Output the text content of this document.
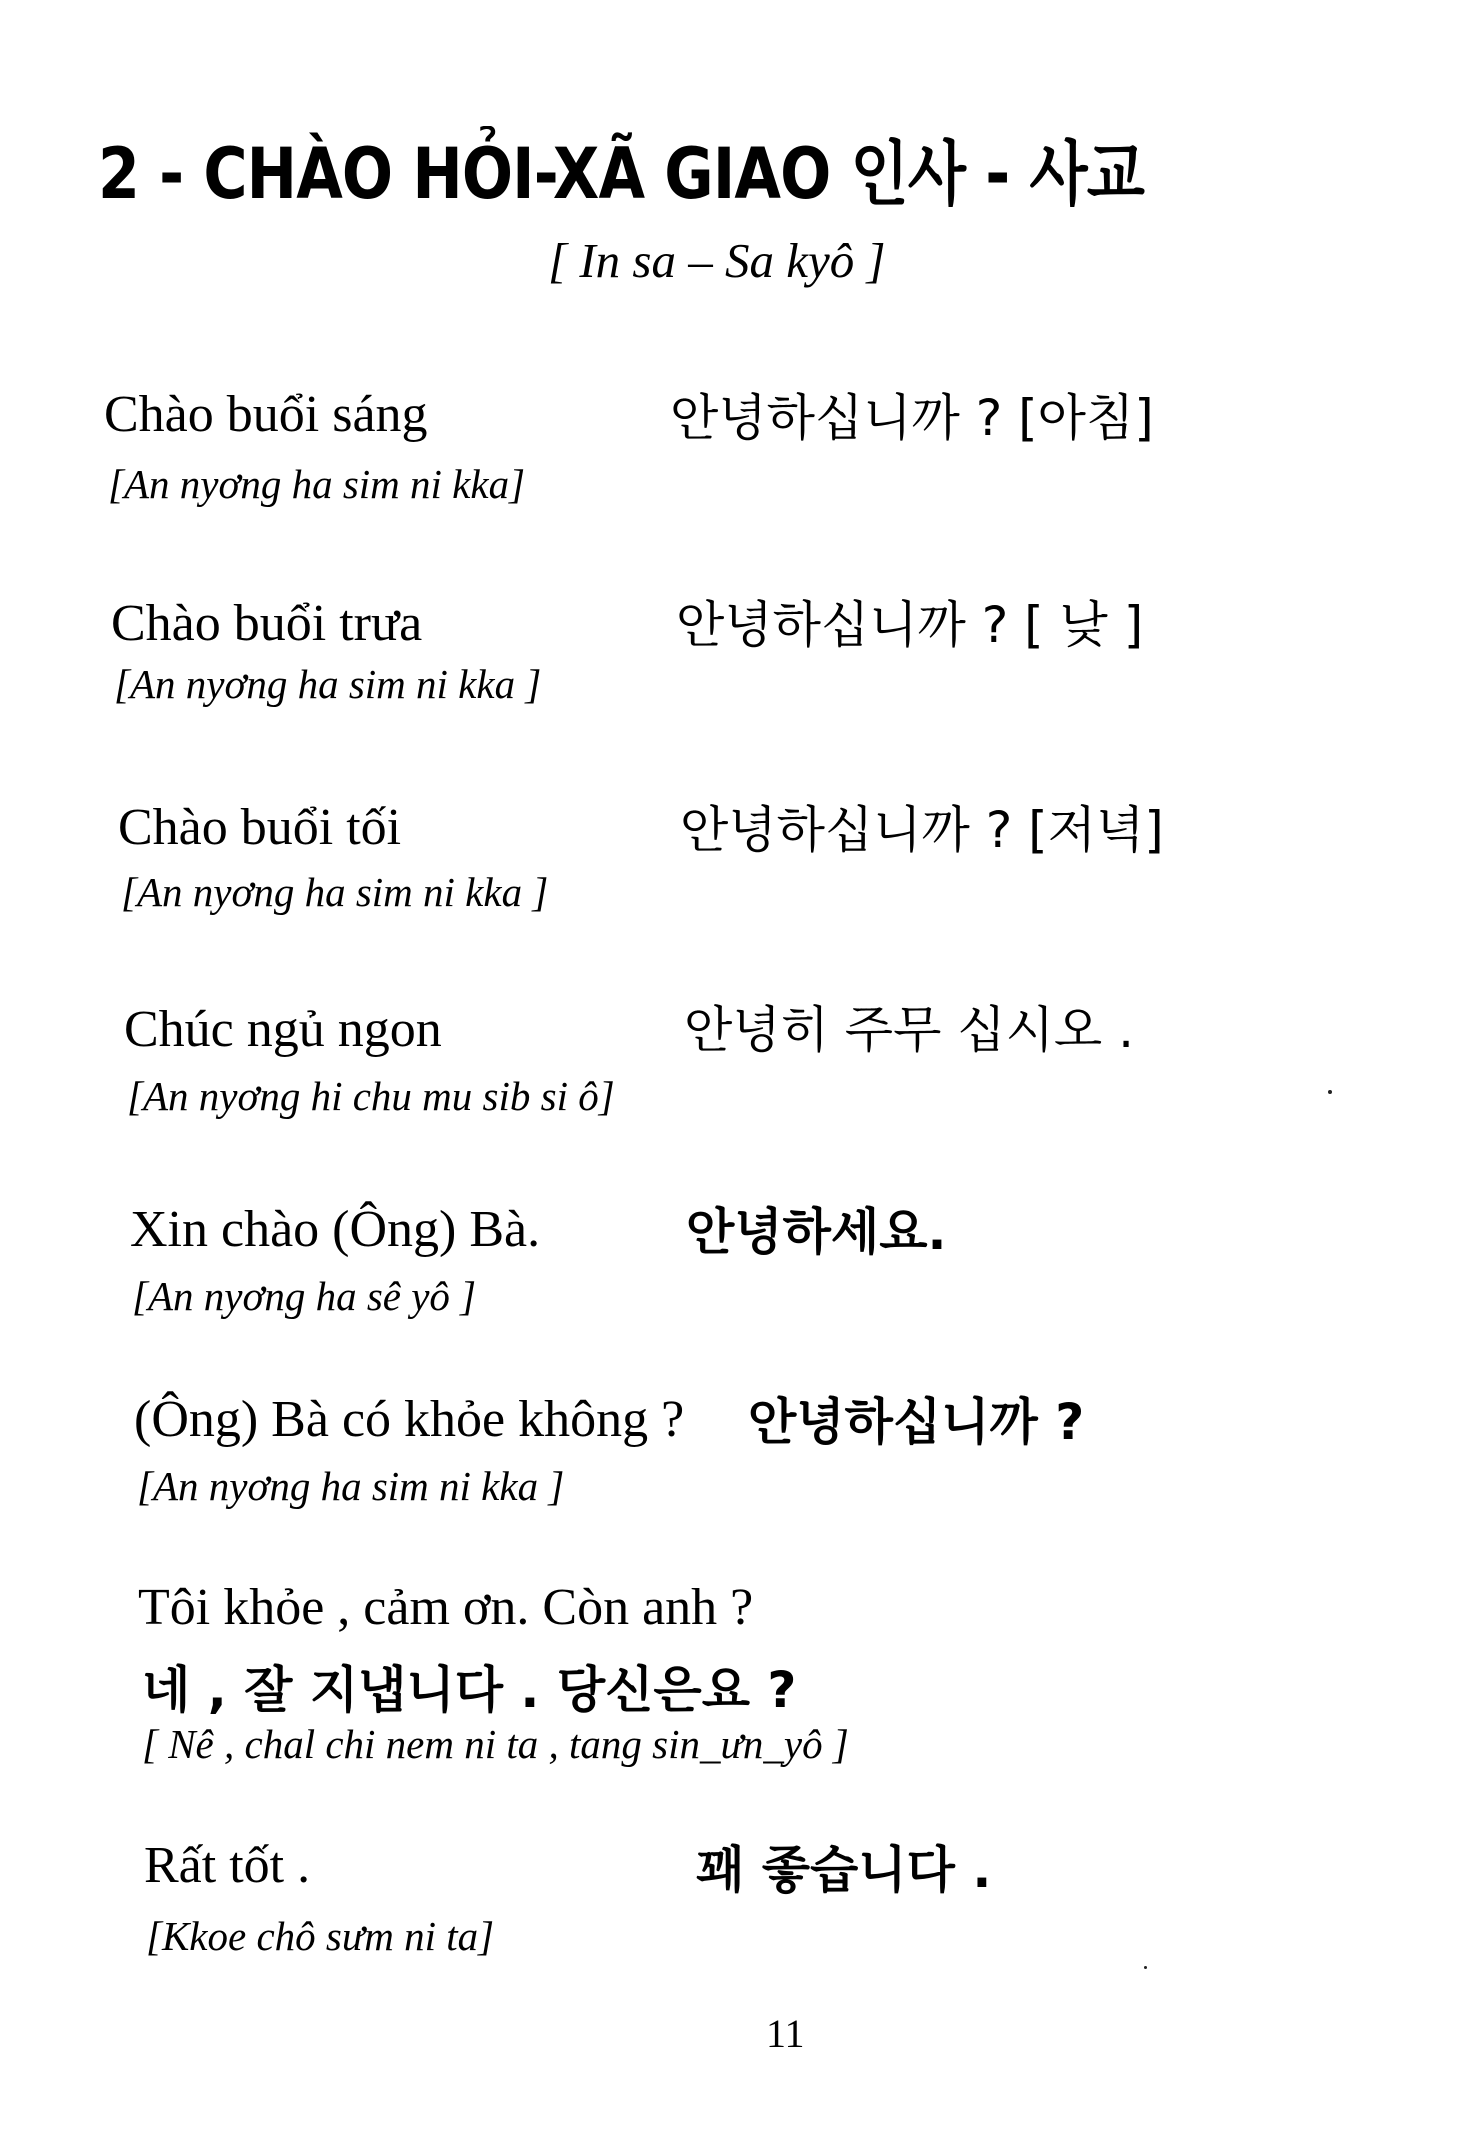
2 - CHÀO HỎI-XÃ GIAO 인사 - 사교
[ In sa – Sa kyô ]
Chào buổi sáng	안녕하십니까 ? [아침]
[An nyơng ha sim ni kka]
Chào buổi trưa	안녕하십니까 ? [ 낮 ]
[An nyơng ha sim ni kka ]
Chào buổi tối	안녕하십니까 ? [저녁]
[An nyơng ha sim ni kka ]
Chúc ngủ ngon	안녕히 주무 십시오 .
[An nyơng hi chu mu sib si ô]
Xin chào (Ông) Bà.	안녕하세요.
[An nyơng ha sê yô ]
(Ông) Bà có khỏe không ? 안녕하십니까 ?
[An nyơng ha sim ni kka ]
Tôi khỏe , cảm ơn. Còn anh ?
네 , 잘 지냅니다 . 당신은요 ?
[ Nê , chal chi nem ni ta , tang sin_ưn_yô ]
Rất tốt .	꽤 좋습니다 .
[Kkoe chô sưm ni ta]
11
